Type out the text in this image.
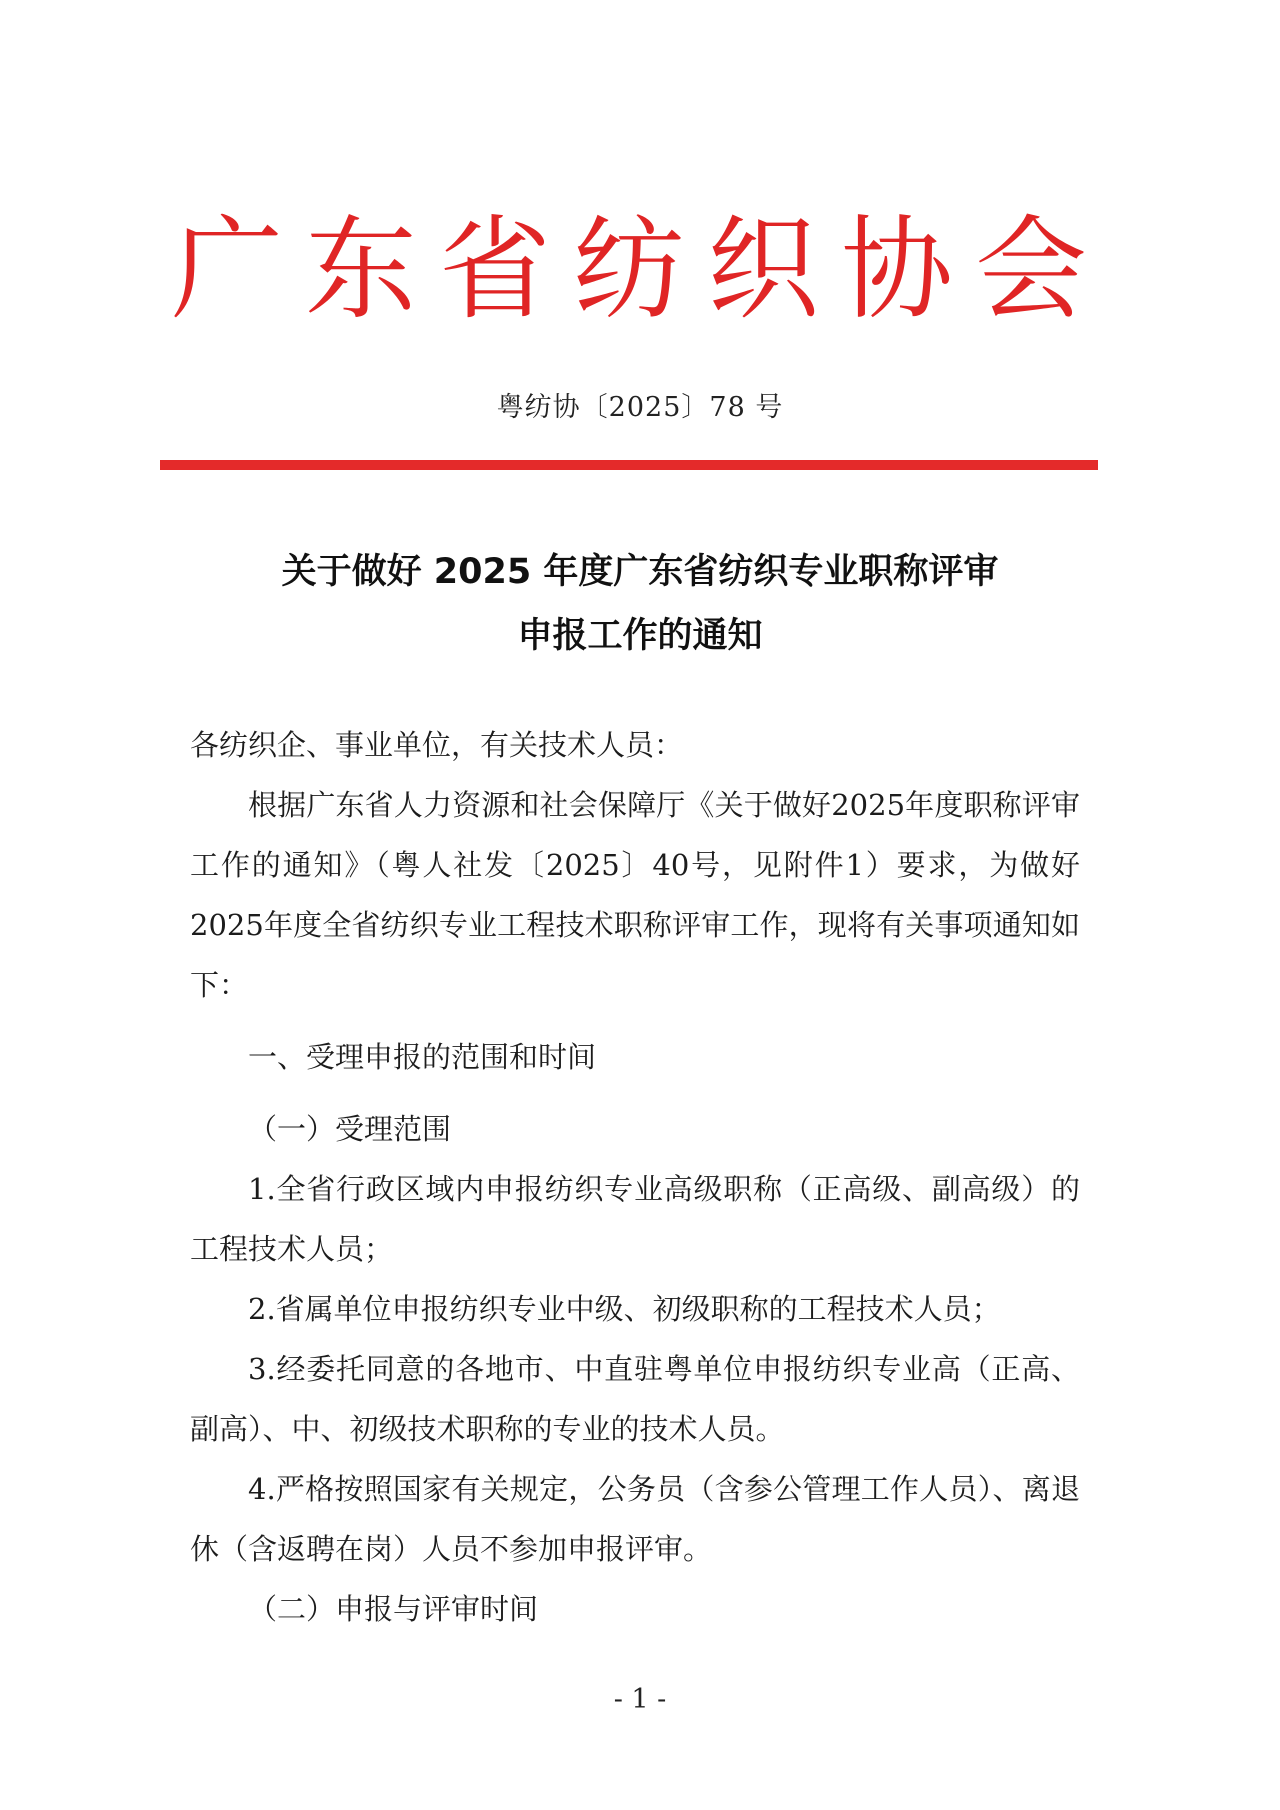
广东省纺织协会
粤纺协〔2025〕78 号
关于做好 2025 年度广东省纺织专业职称评审
申报工作的通知

各纺织企、事业单位，有关技术人员：

根据广东省人力资源和社会保障厅《关于做好2025年度职称评审工作的通知》（粤人社发〔2025〕40号，见附件1）要求，为做好2025年度全省纺织专业工程技术职称评审工作，现将有关事项通知如下：

一、受理申报的范围和时间

（一）受理范围

1.全省行政区域内申报纺织专业高级职称（正高级、副高级）的工程技术人员；

2.省属单位申报纺织专业中级、初级职称的工程技术人员；

3.经委托同意的各地市、中直驻粤单位申报纺织专业高（正高、副高）、中、初级技术职称的专业的技术人员。

4.严格按照国家有关规定，公务员（含参公管理工作人员）、离退休（含返聘在岗）人员不参加申报评审。

（二）申报与评审时间

- 1 -
